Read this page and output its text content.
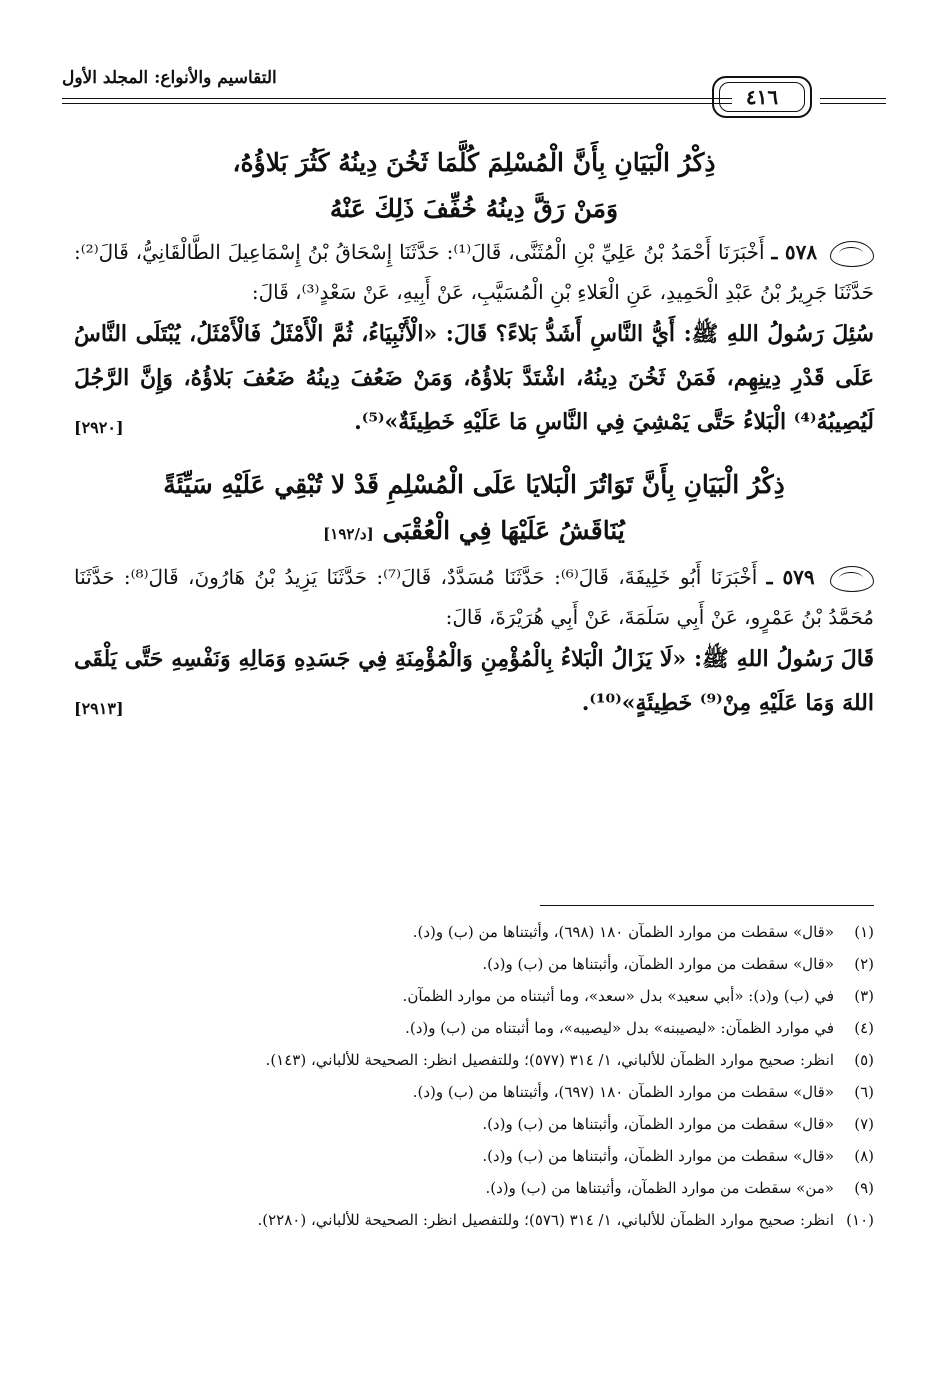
التقاسيم والأنواع: المجلد الأول
٤١٦

ذِكْرُ الْبَيَانِ بِأَنَّ الْمُسْلِمَ كُلَّمَا ثَخُنَ دِينُهُ كَثُرَ بَلاؤُهُ،

وَمَنْ رَقَّ دِينُهُ خُفِّفَ ذَلِكَ عَنْهُ

٥٧٨ ـ أَخْبَرَنَا أَحْمَدُ بْنُ عَلِيِّ بْنِ الْمُثَنَّى، قَالَ⁽¹⁾: حَدَّثَنَا إِسْحَاقُ بْنُ إِسْمَاعِيلَ الطَّالْقَانِيُّ، قَالَ⁽²⁾: حَدَّثَنَا جَرِيرُ بْنُ عَبْدِ الْحَمِيدِ، عَنِ الْعَلاءِ بْنِ الْمُسَيَّبِ، عَنْ أَبِيهِ، عَنْ سَعْدٍ⁽³⁾، قَالَ:

سُئِلَ رَسُولُ اللهِ ﷺ: أَيُّ النَّاسِ أَشَدُّ بَلاءً؟ قَالَ: «الْأَنْبِيَاءُ، ثُمَّ الْأَمْثَلُ فَالْأَمْثَلُ، يُبْتَلَى النَّاسُ عَلَى قَدْرِ دِينِهِم، فَمَنْ ثَخُنَ دِينُهُ، اشْتَدَّ بَلاؤُهُ، وَمَنْ ضَعُفَ دِينُهُ ضَعُفَ بَلاؤُهُ، وَإِنَّ الرَّجُلَ لَيُصِيبُهُ⁽⁴⁾ الْبَلاءُ حَتَّى يَمْشِيَ فِي النَّاسِ مَا عَلَيْهِ خَطِيئَةٌ»⁽⁵⁾.
[٢٩٢٠]

ذِكْرُ الْبَيَانِ بِأَنَّ تَوَاتُرَ الْبَلايَا عَلَى الْمُسْلِمِ قَدْ لا تُبْقِي عَلَيْهِ سَيِّئَةً

يُنَاقَشُ عَلَيْهَا فِي الْعُقْبَى [د/١٩٢]

٥٧٩ ـ أَخْبَرَنَا أَبُو خَلِيفَةَ، قَالَ⁽⁶⁾: حَدَّثَنَا مُسَدَّدٌ، قَالَ⁽⁷⁾: حَدَّثَنَا يَزِيدُ بْنُ هَارُونَ، قَالَ⁽⁸⁾: حَدَّثَنَا مُحَمَّدُ بْنُ عَمْرٍو، عَنْ أَبِي سَلَمَةَ، عَنْ أَبِي هُرَيْرَةَ، قَالَ:

قَالَ رَسُولُ اللهِ ﷺ: «لَا يَزَالُ الْبَلاءُ بِالْمُؤْمِنِ وَالْمُؤْمِنَةِ فِي جَسَدِهِ وَمَالِهِ وَنَفْسِهِ حَتَّى يَلْقَى اللهَ وَمَا عَلَيْهِ مِنْ⁽⁹⁾ خَطِيئَةٍ»⁽¹⁰⁾.
[٢٩١٣]

(١)
«قال» سقطت من موارد الظمآن ١٨٠ (٦٩٨)، وأثبتناها من (ب) و(د).
(٢)
«قال» سقطت من موارد الظمآن، وأثبتناها من (ب) و(د).
(٣)
في (ب) و(د): «أبي سعيد» بدل «سعد»، وما أثبتناه من موارد الظمآن.
(٤)
في موارد الظمآن: «ليصيبنه» بدل «ليصيبه»، وما أثبتناه من (ب) و(د).
(٥)
انظر: صحيح موارد الظمآن للألباني، ١/ ٣١٤ (٥٧٧)؛ وللتفصيل انظر: الصحيحة للألباني، (١٤٣).
(٦)
«قال» سقطت من موارد الظمآن ١٨٠ (٦٩٧)، وأثبتناها من (ب) و(د).
(٧)
«قال» سقطت من موارد الظمآن، وأثبتناها من (ب) و(د).
(٨)
«قال» سقطت من موارد الظمآن، وأثبتناها من (ب) و(د).
(٩)
«من» سقطت من موارد الظمآن، وأثبتناها من (ب) و(د).
(١٠)
انظر: صحيح موارد الظمآن للألباني، ١/ ٣١٤ (٥٧٦)؛ وللتفصيل انظر: الصحيحة للألباني، (٢٢٨٠).
